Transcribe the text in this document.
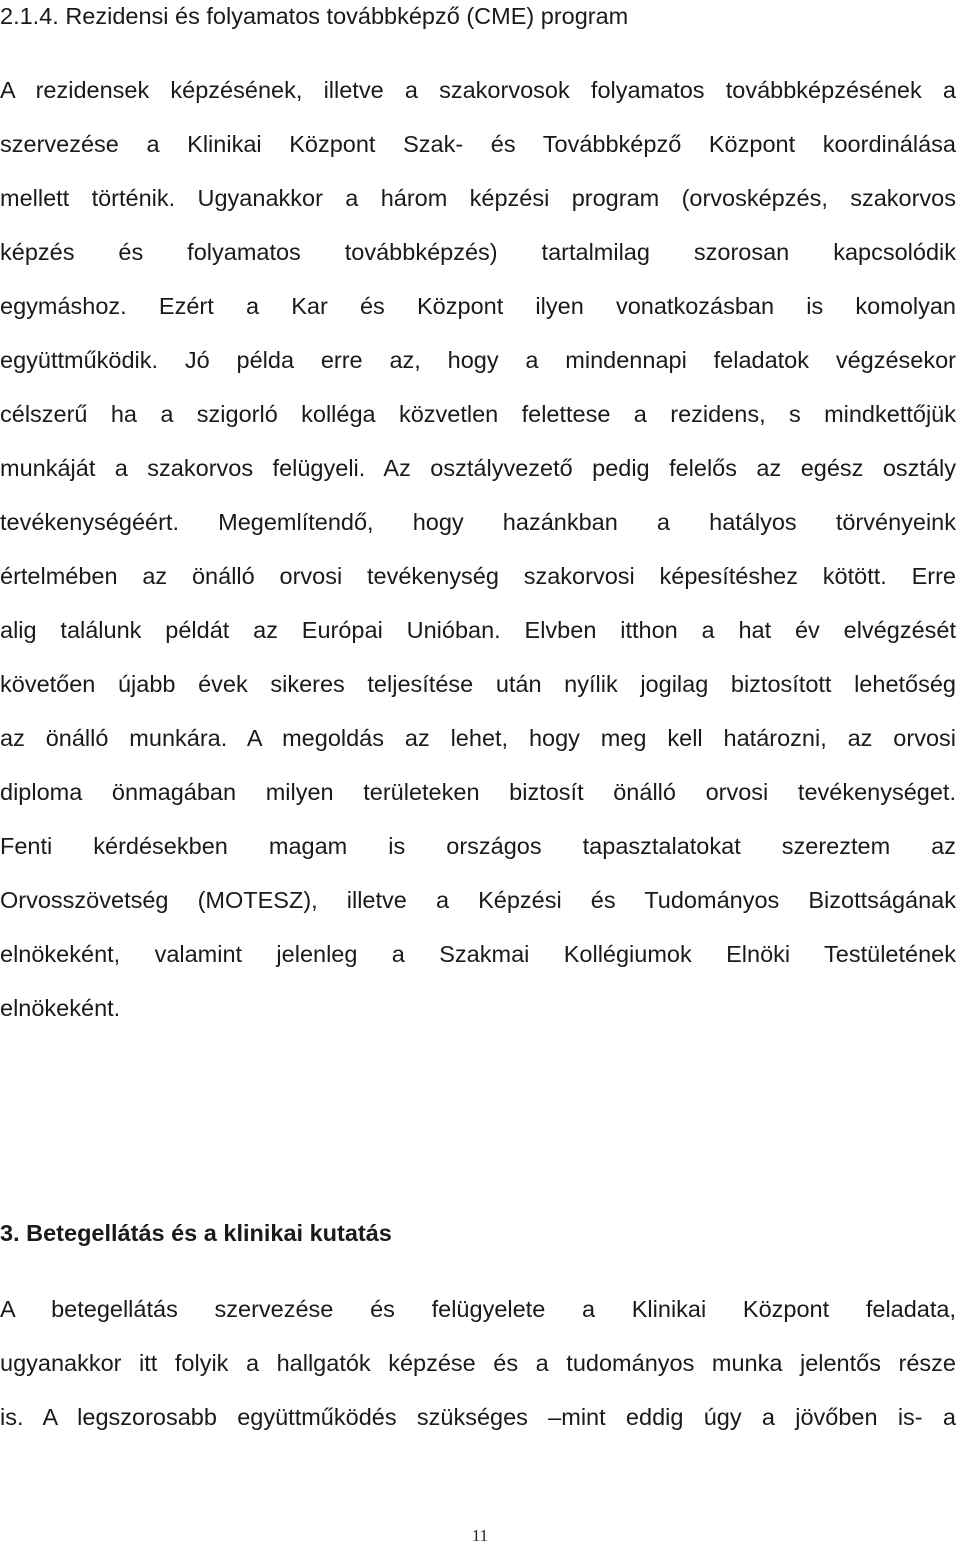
2.1.4. Rezidensi és folyamatos továbbképző (CME) program
A rezidensek képzésének, illetve a szakorvosok folyamatos továbbképzésének a
szervezése a Klinikai Központ Szak- és Továbbképző Központ koordinálása
mellett történik. Ugyanakkor a három képzési program (orvosképzés, szakorvos
képzés és folyamatos továbbképzés) tartalmilag szorosan kapcsolódik
egymáshoz. Ezért a Kar és Központ ilyen vonatkozásban is komolyan
együttműködik. Jó példa erre az, hogy a mindennapi feladatok végzésekor
célszerű ha a szigorló kolléga közvetlen felettese a rezidens, s mindkettőjük
munkáját a szakorvos felügyeli. Az osztályvezető pedig felelős az egész osztály
tevékenységéért. Megemlítendő, hogy hazánkban a hatályos törvényeink
értelmében az önálló orvosi tevékenység szakorvosi képesítéshez kötött. Erre
alig találunk példát az Európai Unióban. Elvben itthon a hat év elvégzését
követően újabb évek sikeres teljesítése után nyílik jogilag biztosított lehetőség
az önálló munkára. A megoldás az lehet, hogy meg kell határozni, az orvosi
diploma önmagában milyen területeken biztosít önálló orvosi tevékenységet.
Fenti kérdésekben magam is országos tapasztalatokat szereztem az
Orvosszövetség (MOTESZ), illetve a Képzési és Tudományos Bizottságának
elnökeként, valamint jelenleg a Szakmai Kollégiumok Elnöki Testületének
elnökeként.
3. Betegellátás és a klinikai kutatás
A betegellátás szervezése és felügyelete a Klinikai Központ feladata,
ugyanakkor itt folyik a hallgatók képzése és a tudományos munka jelentős része
is. A legszorosabb együttműködés szükséges –mint eddig úgy a jövőben is- a
11
